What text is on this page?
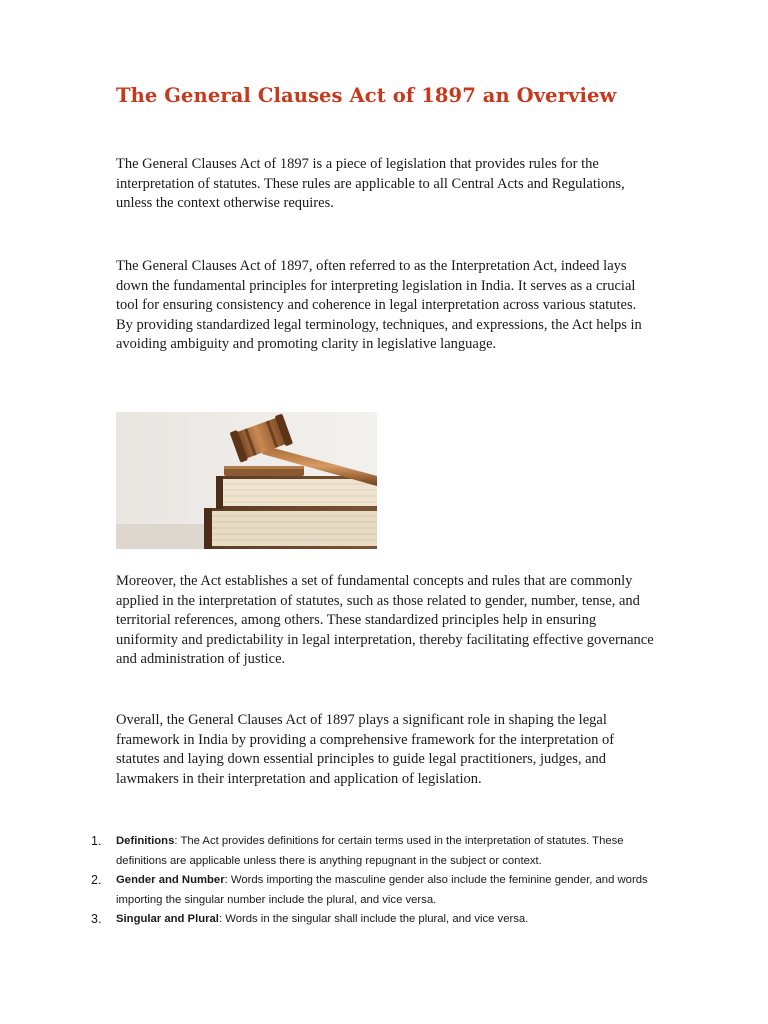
The General Clauses Act of 1897 an Overview

The General Clauses Act of 1897 is a piece of legislation that provides rules for the interpretation of statutes. These rules are applicable to all Central Acts and Regulations, unless the context otherwise requires.

The General Clauses Act of 1897, often referred to as the Interpretation Act, indeed lays down the fundamental principles for interpreting legislation in India. It serves as a crucial tool for ensuring consistency and coherence in legal interpretation across various statutes. By providing standardized legal terminology, techniques, and expressions, the Act helps in avoiding ambiguity and promoting clarity in legislative language.

Moreover, the Act establishes a set of fundamental concepts and rules that are commonly applied in the interpretation of statutes, such as those related to gender, number, tense, and territorial references, among others. These standardized principles help in ensuring uniformity and predictability in legal interpretation, thereby facilitating effective governance and administration of justice.

Overall, the General Clauses Act of 1897 plays a significant role in shaping the legal framework in India by providing a comprehensive framework for the interpretation of statutes and laying down essential principles to guide legal practitioners, judges, and lawmakers in their interpretation and application of legislation.

1. Definitions: The Act provides definitions for certain terms used in the interpretation of statutes. These definitions are applicable unless there is anything repugnant in the subject or context.
2. Gender and Number: Words importing the masculine gender also include the feminine gender, and words importing the singular number include the plural, and vice versa.
3. Singular and Plural: Words in the singular shall include the plural, and vice versa.
